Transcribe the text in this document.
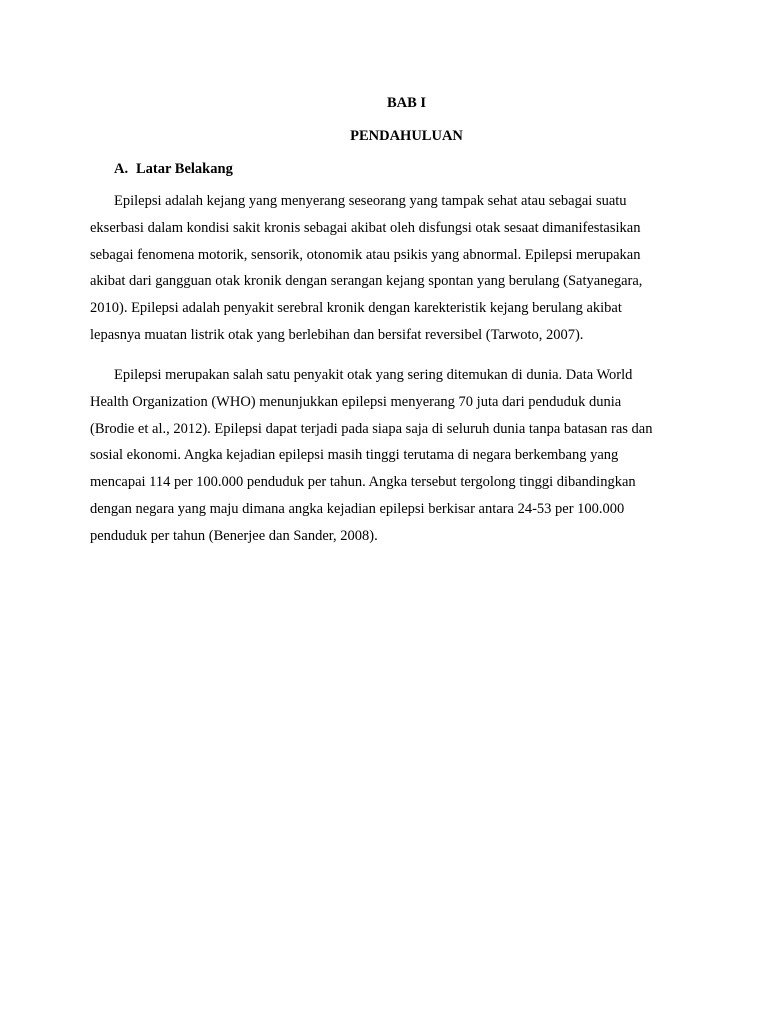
BAB I
PENDAHULUAN
A. Latar Belakang
Epilepsi adalah kejang yang menyerang seseorang yang tampak sehat atau sebagai suatu
ekserbasi dalam kondisi sakit kronis sebagai akibat oleh disfungsi otak sesaat dimanifestasikan
sebagai fenomena motorik, sensorik, otonomik atau psikis yang abnormal. Epilepsi merupakan
akibat dari gangguan otak kronik dengan serangan kejang spontan yang berulang (Satyanegara,
2010). Epilepsi adalah penyakit serebral kronik dengan karekteristik kejang berulang akibat
lepasnya muatan listrik otak yang berlebihan dan bersifat reversibel (Tarwoto, 2007).
Epilepsi merupakan salah satu penyakit otak yang sering ditemukan di dunia. Data World
Health Organization (WHO) menunjukkan epilepsi menyerang 70 juta dari penduduk dunia
(Brodie et al., 2012). Epilepsi dapat terjadi pada siapa saja di seluruh dunia tanpa batasan ras dan
sosial ekonomi. Angka kejadian epilepsi masih tinggi terutama di negara berkembang yang
mencapai 114 per 100.000 penduduk per tahun. Angka tersebut tergolong tinggi dibandingkan
dengan negara yang maju dimana angka kejadian epilepsi berkisar antara 24-53 per 100.000
penduduk per tahun (Benerjee dan Sander, 2008).
